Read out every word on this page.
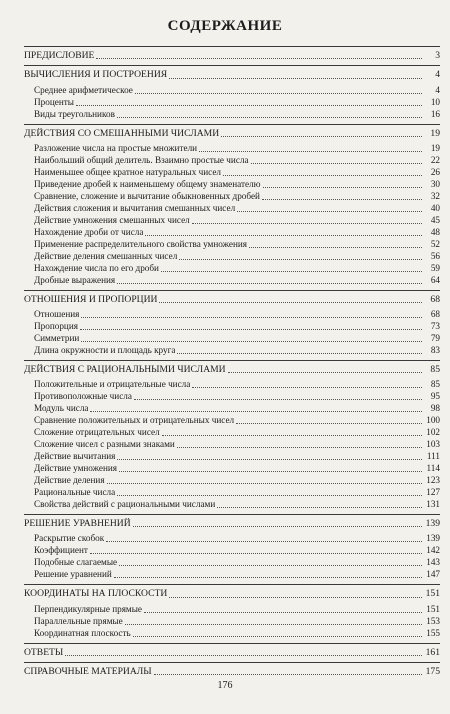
СОДЕРЖАНИЕ
ПРЕДИСЛОВИЕ	3
ВЫЧИСЛЕНИЯ И ПОСТРОЕНИЯ	4
Среднее арифметическое	4
Проценты	10
Виды треугольников	16
ДЕЙСТВИЯ СО СМЕШАННЫМИ ЧИСЛАМИ	19
Разложение числа на простые множители	19
Наибольший общий делитель. Взаимно простые числа	22
Наименьшее общее кратное натуральных чисел	26
Приведение дробей к наименьшему общему знаменателю	30
Сравнение, сложение и вычитание обыкновенных дробей	32
Действия сложения и вычитания смешанных чисел	40
Действие умножения смешанных чисел	45
Нахождение дроби от числа	48
Применение распределительного свойства умножения	52
Действие деления смешанных чисел	56
Нахождение числа по его дроби	59
Дробные выражения	64
ОТНОШЕНИЯ И ПРОПОРЦИИ	68
Отношения	68
Пропорция	73
Симметрии	79
Длина окружности и площадь круга	83
ДЕЙСТВИЯ С РАЦИОНАЛЬНЫМИ ЧИСЛАМИ	85
Положительные и отрицательные числа	85
Противоположные числа	95
Модуль числа	98
Сравнение положительных и отрицательных чисел	100
Сложение отрицательных чисел	102
Сложение чисел с разными знаками	103
Действие вычитания	111
Действие умножения	114
Действие деления	123
Рациональные числа	127
Свойства действий с рациональными числами	131
РЕШЕНИЕ УРАВНЕНИЙ	139
Раскрытие скобок	139
Коэффициент	142
Подобные слагаемые	143
Решение уравнений	147
КООРДИНАТЫ НА ПЛОСКОСТИ	151
Перпендикулярные прямые	151
Параллельные прямые	153
Координатная плоскость	155
ОТВЕТЫ	161
СПРАВОЧНЫЕ МАТЕРИАЛЫ	175
176
